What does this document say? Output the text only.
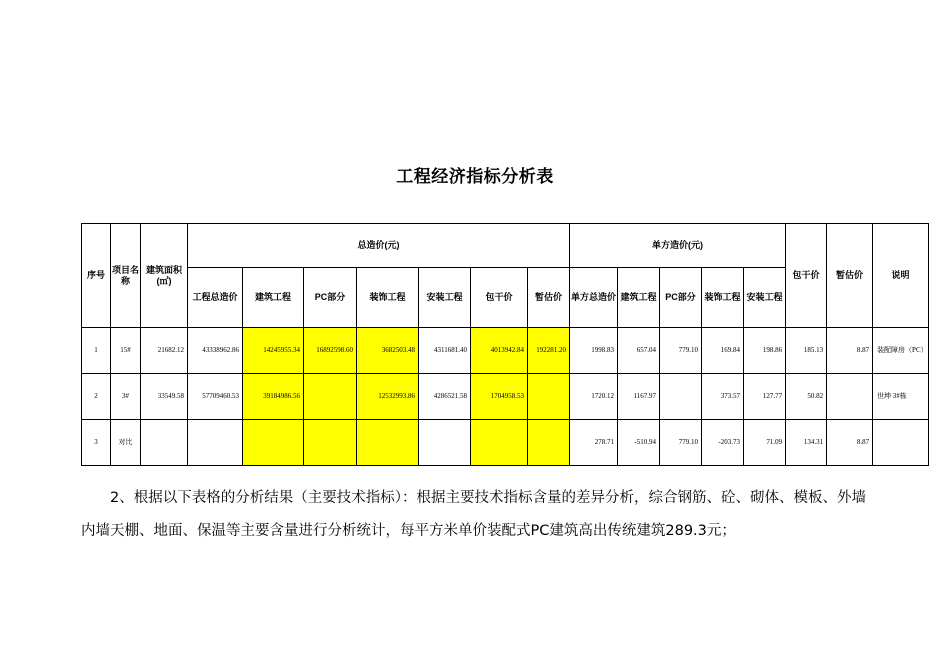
工程经济指标分析表
序号	项目名称	建筑面积(㎡)	总造价(元)							单方造价(元)					包干价	暂估价	说明
			工程总造价	建筑工程	PC部分	装饰工程	安装工程	包干价	暂估价	单方总造价	建筑工程	PC部分	装饰工程	安装工程			
1	15#	21682.12	43338962.86	14245955.34	16892598.60	3682503.48	4311681.40	4013942.84	192281.20	1998.83	657.04	779.10	169.84	198.86	185.13	8.87	装配障房（PC）
2	3#	33549.58	57709460.53	39184986.56		12532993.86	4286521.58	1704958.53		1720.12	1167.97		373.57	127.77	50.82		世坤 3#栋
3	对比									278.71	-510.94	779.10	-203.73	71.09	134.31	8.87	
2、根据以下表格的分析结果（主要技术指标）：根据主要技术指标含量的差异分析，综合钢筋、砼、砌体、模板、外墙内墙天棚、地面、保温等主要含量进行分析统计，每平方米单价装配式PC建筑高出传统建筑289.3元；
